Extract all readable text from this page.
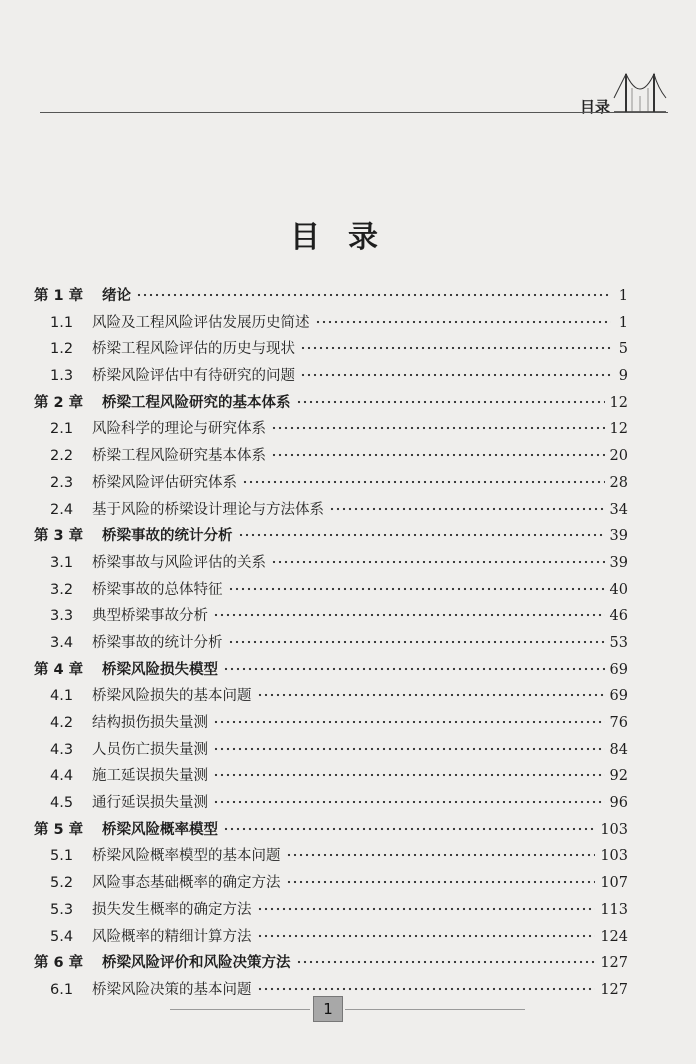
目录
目录
第 1 章	绪论	1
1.1	风险及工程风险评估发展历史简述	1
1.2	桥梁工程风险评估的历史与现状	5
1.3	桥梁风险评估中有待研究的问题	9
第 2 章	桥梁工程风险研究的基本体系	12
2.1	风险科学的理论与研究体系	12
2.2	桥梁工程风险研究基本体系	20
2.3	桥梁风险评估研究体系	28
2.4	基于风险的桥梁设计理论与方法体系	34
第 3 章	桥梁事故的统计分析	39
3.1	桥梁事故与风险评估的关系	39
3.2	桥梁事故的总体特征	40
3.3	典型桥梁事故分析	46
3.4	桥梁事故的统计分析	53
第 4 章	桥梁风险损失模型	69
4.1	桥梁风险损失的基本问题	69
4.2	结构损伤损失量测	76
4.3	人员伤亡损失量测	84
4.4	施工延误损失量测	92
4.5	通行延误损失量测	96
第 5 章	桥梁风险概率模型	103
5.1	桥梁风险概率模型的基本问题	103
5.2	风险事态基础概率的确定方法	107
5.3	损失发生概率的确定方法	113
5.4	风险概率的精细计算方法	124
第 6 章	桥梁风险评价和风险决策方法	127
6.1	桥梁风险决策的基本问题	127
1
